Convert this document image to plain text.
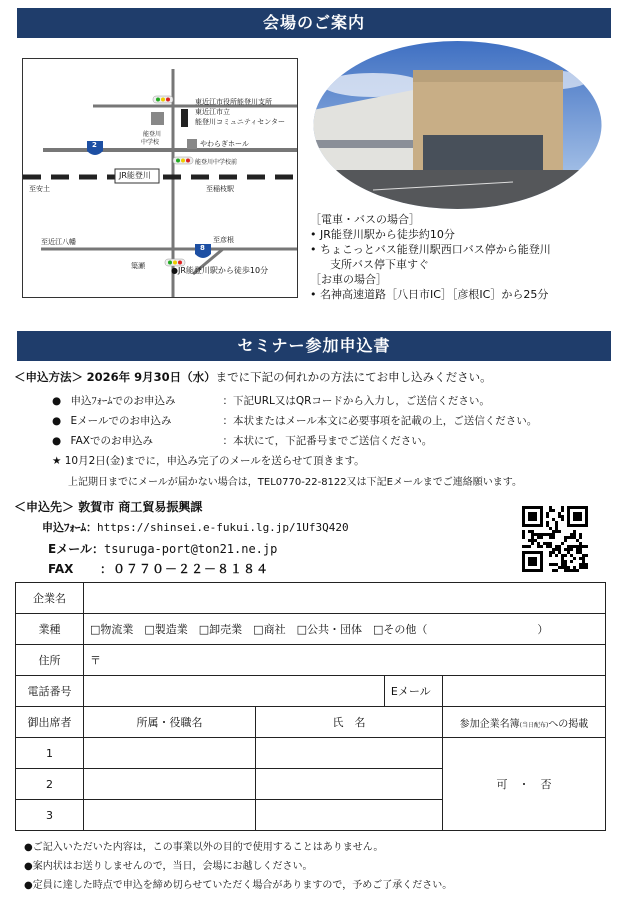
会場のご案内
東近江市役所能登川支所
東近江市立
能登川コミュニティセンター
能登川
中学校	やわらぎホール
能登川中学校前
JR能登川
至安土	至稲枝駅
至近江八幡	至彦根
簗瀬	●JR能登川駅から徒歩10分
2
8
［電車・バスの場合］
• JR能登川駅から徒歩約10分
• ちょこっとバス能登川駅西口バス停から能登川
支所バス停下車すぐ
［お車の場合］
• 名神高速道路［八日市IC］［彦根IC］から25分
セミナー参加申込書
＜申込方法＞ 2026年 9月30日（水）までに下記の何れかの方法にてお申し込みください。
● 申込ﾌｫｰﾑでのお申込み	：下記URL又はQRコードから入力し，ご送信ください。
● Eメールでのお申込み	：本状またはメール本文に必要事項を記載の上，ご送信ください。
● FAXでのお申込み	：本状にて，下記番号までご送信ください。
★ 10月2日(金)までに，申込み完了のメールを送らせて頂きます。
上記期日までにメールが届かない場合は，TEL0770-22-8122又は下記Eメールまでご連絡願います。
＜申込先＞ 敦賀市 商工貿易振興課
申込ﾌｫｰﾑ：https://shinsei.e-fukui.lg.jp/1Uf3Q420
Eメール：tsuruga-port@ton21.ne.jp
FAX ：０７７０－２２－８１８４
企業名				
業種	□物流業　□製造業　□卸売業　□商社　□公共・団体　□その他（　　　　　　　　　　）			
住所	〒			
電話番号			Eメール	
御出席者	所属・役職名	氏　名		参加企業名簿(当日配布)への掲載
1				可　・　否
2				
3				
●ご記入いただいた内容は，この事業以外の目的で使用することはありません。
●案内状はお送りしませんので，当日，会場にお越しください。
●定員に達した時点で申込を締め切らせていただく場合がありますので，予めご了承ください。
